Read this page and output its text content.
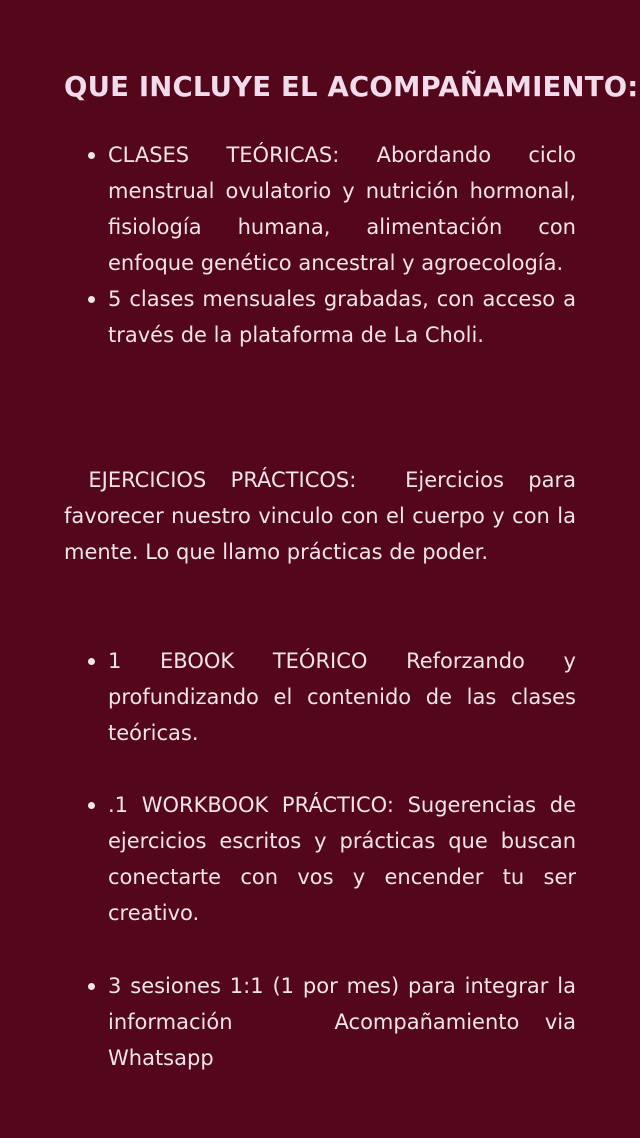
QUE INCLUYE EL ACOMPAÑAMIENTO:
CLASES TEÓRICAS: Abordando ciclo menstrual ovulatorio y nutrición hormonal, fisiología humana, alimentación con enfoque genético ancestral y agroecología.
5 clases mensuales grabadas, con acceso a través de la plataforma de La Choli.

EJERCICIOS PRÁCTICOS:  Ejercicios para favorecer nuestro vinculo con el cuerpo y con la mente. Lo que llamo prácticas de poder.

1 EBOOK TEÓRICO Reforzando y profundizando el contenido de las clases teóricas.
.1 WORKBOOK PRÁCTICO: Sugerencias de ejercicios escritos y prácticas que buscan conectarte con vos y encender tu ser creativo.
3 sesiones 1:1 (1 por mes) para integrar la información    Acompañamiento via Whatsapp
